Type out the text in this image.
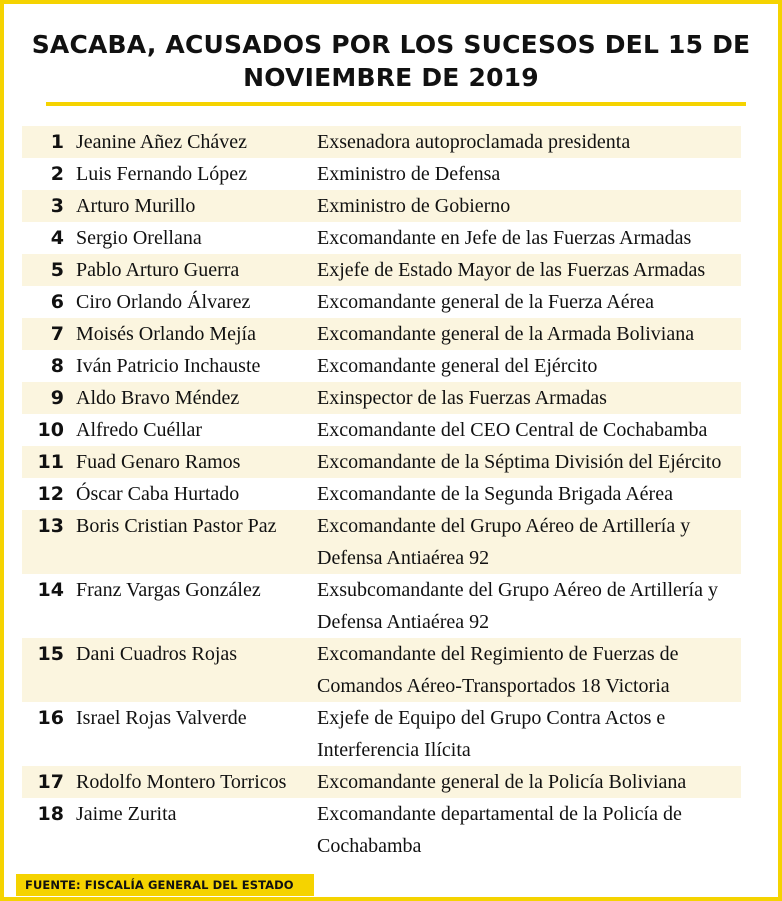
SACABA, ACUSADOS POR LOS SUCESOS DEL 15 DE
NOVIEMBRE DE 2019
1 Jeanine Añez Chávez	Exsenadora autoproclamada presidenta
2 Luis Fernando López	Exministro de Defensa
3 Arturo Murillo	Exministro de Gobierno
4 Sergio Orellana	Excomandante en Jefe de las Fuerzas Armadas
5 Pablo Arturo Guerra	Exjefe de Estado Mayor de las Fuerzas Armadas
6 Ciro Orlando Álvarez	Excomandante general de la Fuerza Aérea
7 Moisés Orlando Mejía	Excomandante general de la Armada Boliviana
8 Iván Patricio Inchauste	Excomandante general del Ejército
9 Aldo Bravo Méndez	Exinspector de las Fuerzas Armadas
10 Alfredo Cuéllar	Excomandante del CEO Central de Cochabamba
11 Fuad Genaro Ramos	Excomandante de la Séptima División del Ejército
12 Óscar Caba Hurtado	Excomandante de la Segunda Brigada Aérea
13 Boris Cristian Pastor Paz	Excomandante del Grupo Aéreo de Artillería y Defensa Antiaérea 92
14 Franz Vargas González	Exsubcomandante del Grupo Aéreo de Artillería y Defensa Antiaérea 92
15 Dani Cuadros Rojas	Excomandante del Regimiento de Fuerzas de Comandos Aéreo-Transportados 18 Victoria
16 Israel Rojas Valverde	Exjefe de Equipo del Grupo Contra Actos e Interferencia Ilícita
17 Rodolfo Montero Torricos	Excomandante general de la Policía Boliviana
18 Jaime Zurita	Excomandante departamental de la Policía de Cochabamba
FUENTE: FISCALÍA GENERAL DEL ESTADO
